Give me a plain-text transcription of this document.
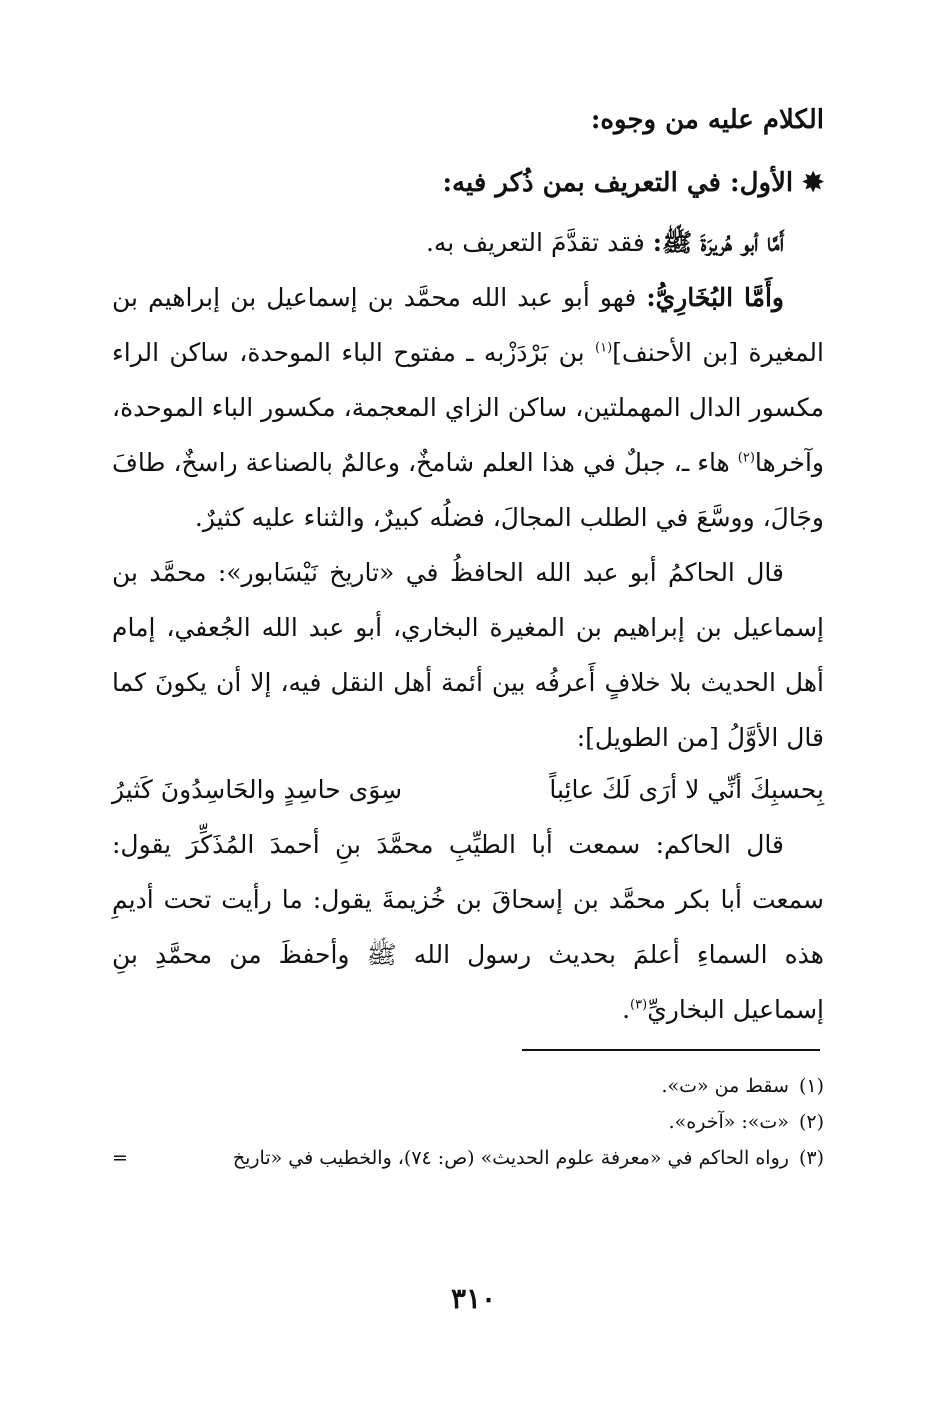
الكلام عليه من وجوه:
✸ الأول: في التعريف بمن ذُكر فيه:

أَمَّا أبو هُريرَةَ ﷺ: فقد تقدَّمَ التعريف به.

وأَمَّا البُخَارِيُّ: فهو أبو عبد الله محمَّد بن إسماعيل بن إبراهيم بن المغيرة [بن الأحنف]$^{(١)}$ بن بَرْدَزْبه ـ مفتوح الباء الموحدة، ساكن الراء مكسور الدال المهملتين، ساكن الزاي المعجمة، مكسور الباء الموحدة، وآخرها$^{(٢)}$ هاء ـ، جبلٌ في هذا العلم شامخٌ، وعالمٌ بالصناعة راسخٌ، طافَ وجَالَ، ووسَّعَ في الطلب المجالَ، فضلُه كبيرٌ، والثناء عليه كثيرٌ.

قال الحاكمُ أبو عبد الله الحافظُ في «تاريخ نَيْسَابور»: محمَّد بن إسماعيل بن إبراهيم بن المغيرة البخاري، أبو عبد الله الجُعفي، إمام أهل الحديث بلا خلافٍ أَعرفُه بين أئمة أهل النقل فيه، إلا أن يكونَ كما قال الأوَّلُ [من الطويل]:

بِحسبِكَ أنِّي لا أرَى لَكَ عائِباً
سِوَى حاسِدٍ والحَاسِدُونَ كَثيرُ

قال الحاكم: سمعت أبا الطيِّبِ محمَّدَ بنِ أحمدَ المُذَكِّرَ يقول: سمعت أبا بكر محمَّد بن إسحاقَ بن خُزيمةَ يقول: ما رأيت تحت أديمِ هذه السماءِ أعلمَ بحديث رسول الله ﷺ وأحفظَ من محمَّدِ بنِ إسماعيل البخاريِّ$^{(٣)}$.

(١)
سقط من «ت».
(٢)
«ت»: «آخره».
(٣)
رواه الحاكم في «معرفة علوم الحديث» (ص: ٧٤)، والخطيب في «تاريخ
=
٣١٠
